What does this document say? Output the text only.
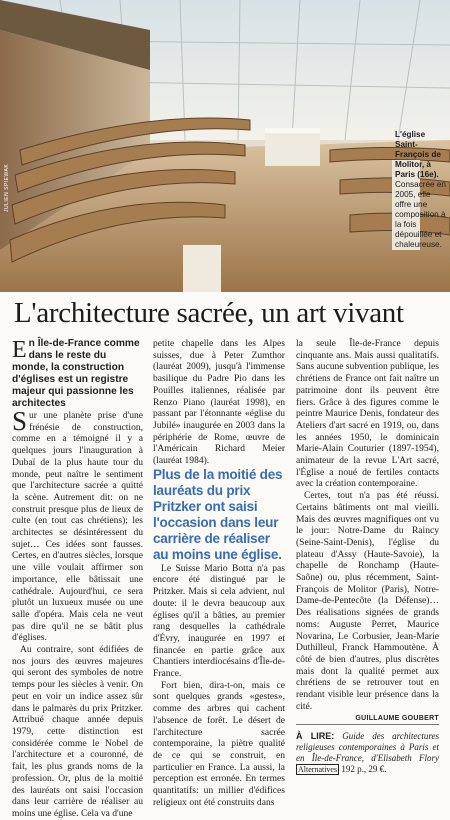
JULIEN SPIEWAK
L'église Saint-François de Molitor, à Paris (16e).
Consacrée en 2005, elle offre une composition à la fois dépouillée et chaleureuse.
L'architecture sacrée, un art vivant

En Île-de-France comme dans le reste du monde, la construction d'églises est un registre majeur qui passionne les architectes

Sur une planète prise d'une frénésie de construction, comme en a témoigné il y a quelques jours l'inauguration à Dubaï de la plus haute tour du monde, peut naître le sentiment que l'architecture sacrée a quitté la scène. Autrement dit: on ne construit presque plus de lieux de culte (en tout cas chrétiens); les architectes se désintéressent du sujet… Ces idées sont fausses. Certes, en d'autres siècles, lorsque une ville voulait affirmer son importance, elle bâtissait une cathédrale. Aujourd'hui, ce sera plutôt un luxueux musée ou une salle d'opéra. Mais cela ne veut pas dire qu'il ne se bâtit plus d'églises.

Au contraire, sont édifiées de nos jours des œuvres majeures qui seront des symboles de notre temps pour les siècles à venir. On peut en voir un indice assez sûr dans le palmarès du prix Pritzker. Attribué chaque année depuis 1979, cette distinction est considérée comme le Nobel de l'architecture et a couronné, de fait, les plus grands noms de la profession. Or, plus de la moitié des lauréats ont saisi l'occasion dans leur carrière de réaliser au moins une église. Cela va d'une

petite chapelle dans les Alpes suisses, due à Peter Zumthor (lauréat 2009), jusqu'à l'immense basilique du Padre Pio dans les Pouilles italiennes, réalisée par Renzo Piano (lauréat 1998), en passant par l'étonnante «église du Jubilé» inaugurée en 2003 dans la périphérie de Rome, œuvre de l'Américain Richard Meier (lauréat 1984).

Plus de la moitié des lauréats du prix Pritzker ont saisi l'occasion dans leur carrière de réaliser au moins une église.

Le Suisse Mario Botta n'a pas encore été distingué par le Pritzker. Mais si cela advient, nul doute: il le devra beaucoup aux églises qu'il a bâties, au premier rang desquelles la cathédrale d'Évry, inaugurée en 1997 et financée en partie grâce aux Chantiers interdiocésains d'Île-de-France.

Fort bien, dira-t-on, mais ce sont quelques grands «gestes», comme des arbres qui cachent l'absence de forêt. Le désert de l'architecture sacrée contemporaine, la piètre qualité de ce qui se construit, en particulier en France. La aussi, la perception est erronée. En termes quantitatifs: un millier d'édifices religieux ont été construits dans

la seule Île-de-France depuis cinquante ans. Mais aussi qualitatifs. Sans aucune subvention publique, les chrétiens de France ont fait naître un patrimoine dont ils peuvent être fiers. Grâce à des figures comme le peintre Maurice Denis, fondateur des Ateliers d'art sacré en 1919, ou, dans les années 1950, le dominicain Marie-Alain Couturier (1897-1954), animateur de la revue L'Art sacré, l'Église a noué de fertiles contacts avec la création contemporaine.

Certes, tout n'a pas été réussi. Certains bâtiments ont mal vieilli. Mais des œuvres magnifiques ont vu le jour: Notre-Dame du Raincy (Seine-Saint-Denis), l'église du plateau d'Assy (Haute-Savoie), la chapelle de Ronchamp (Haute-Saône) ou, plus récemment, Saint-François de Molitor (Paris), Notre-Dame-de-Pentecôte (la Défense)… Des réalisations signées de grands noms: Auguste Perret, Maurice Novarina, Le Corbusier, Jean-Marie Duthilleul, Franck Hammoutène. À côté de bien d'autres, plus discrètes mais dont la qualité permet aux chrétiens de se retrouver tout en rendant visible leur présence dans la cité.

GUILLAUME GOUBERT

À LIRE: Guide des architectures religieuses contemporaines à Paris et en Île-de-France, d'Elisabeth Flory Alternatives 192 p., 29 €.
